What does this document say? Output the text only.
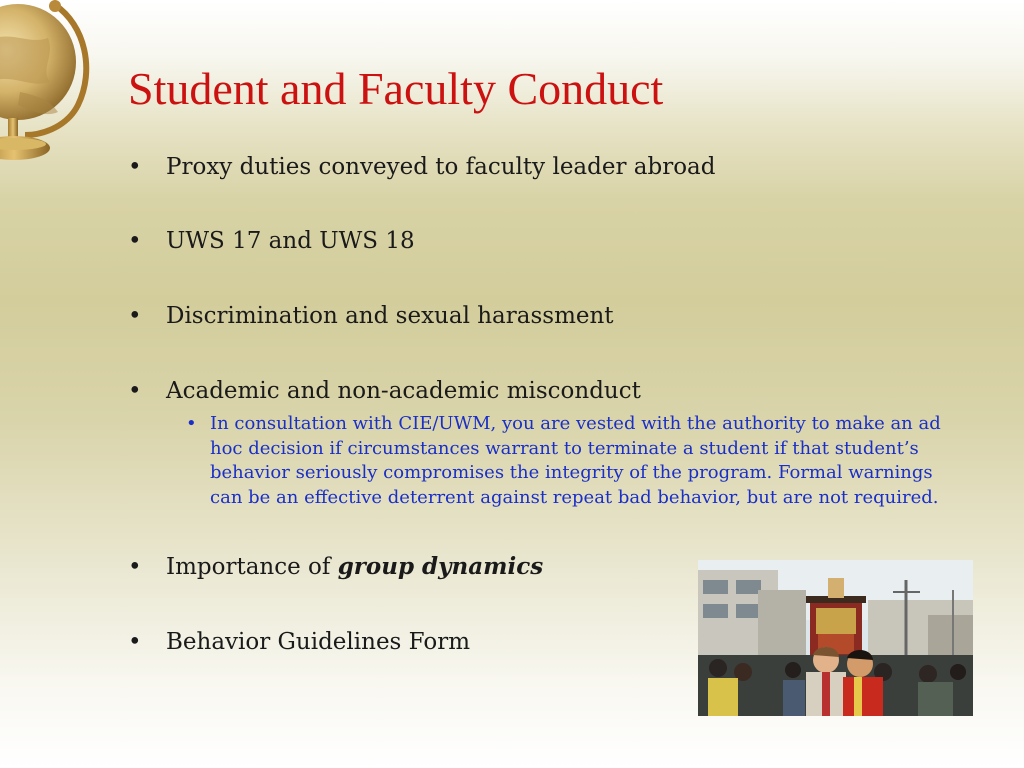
Student and Faculty Conduct
• Proxy duties conveyed to faculty leader abroad
• UWS 17 and UWS 18
• Discrimination and sexual harassment
• Academic and non-academic misconduct
• In consultation with CIE/UWM, you are vested with the authority to make an ad hoc decision if circumstances warrant to terminate a student if that student’s behavior seriously compromises the integrity of the program. Formal warnings can be an effective deterrent against repeat bad behavior, but are not required.
• Importance of group dynamics
• Behavior Guidelines Form
